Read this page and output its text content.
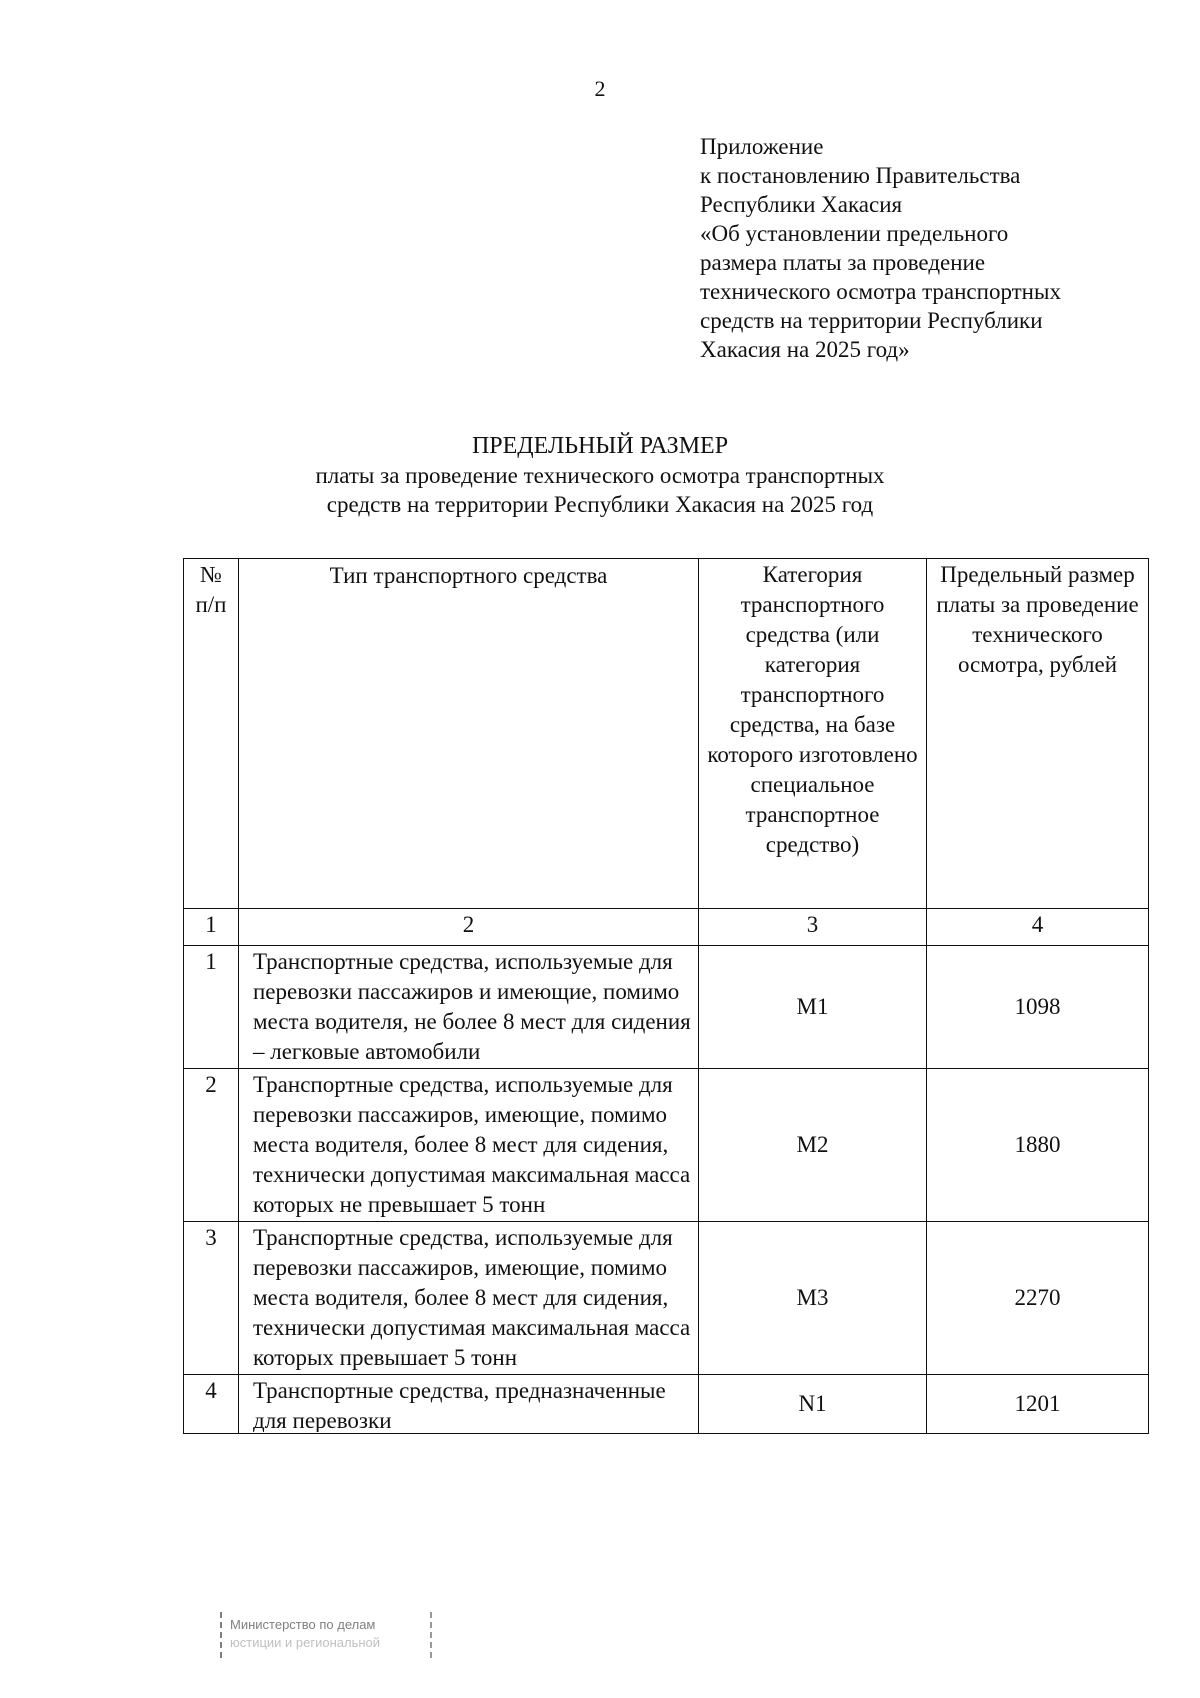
2
Приложение
к постановлению Правительства
Республики Хакасия
«Об установлении предельного
размера платы за проведение
технического осмотра транспортных
средств на территории Республики
Хакасия на 2025 год»
ПРЕДЕЛЬНЫЙ РАЗМЕР
платы за проведение технического осмотра транспортных
средств на территории Республики Хакасия на 2025 год
№ п/п	Тип транспортного средства	Категория транспортного средства (или категория транспортного средства, на базе которого изготовлено специальное транспортное средство)	Предельный размер платы за проведение технического осмотра, рублей
1	2	3	4
1	Транспортные средства, используемые для перевозки пассажиров и имеющие, помимо места водителя, не более 8 мест для сидения – легковые автомобили	M1	1098
2	Транспортные средства, используемые для перевозки пассажиров, имеющие, помимо места водителя, более 8 мест для сидения, технически допустимая максимальная масса которых не превышает 5 тонн	M2	1880
3	Транспортные средства, используемые для перевозки пассажиров, имеющие, помимо места водителя, более 8 мест для сидения, технически допустимая максимальная масса которых превышает 5 тонн	M3	2270
4	Транспортные средства, предназначенные для перевозки	N1	1201
Министерство по делам
юстиции и региональной
